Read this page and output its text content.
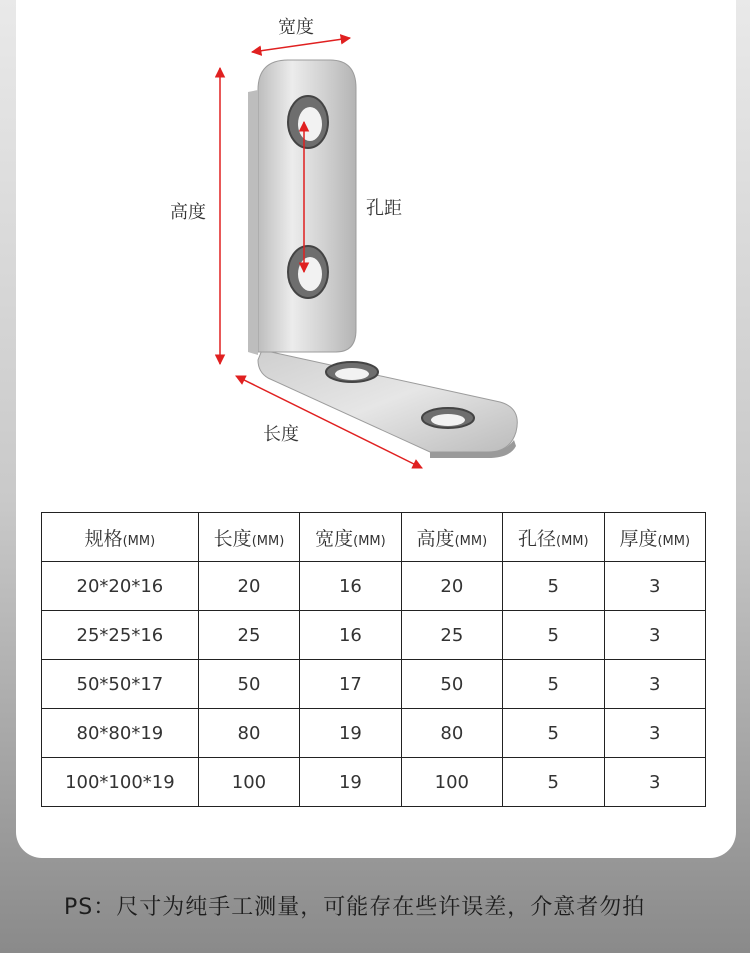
宽度
高度	孔距
长度
规格(MM)	长度(MM)	宽度(MM)	高度(MM)	孔径(MM)	厚度(MM)
20*20*16	20	16	20	5	3
25*25*16	25	16	25	5	3
50*50*17	50	17	50	5	3
80*80*19	80	19	80	5	3
100*100*19	100	19	100	5	3
PS：尺寸为纯手工测量，可能存在些许误差，介意者勿拍
